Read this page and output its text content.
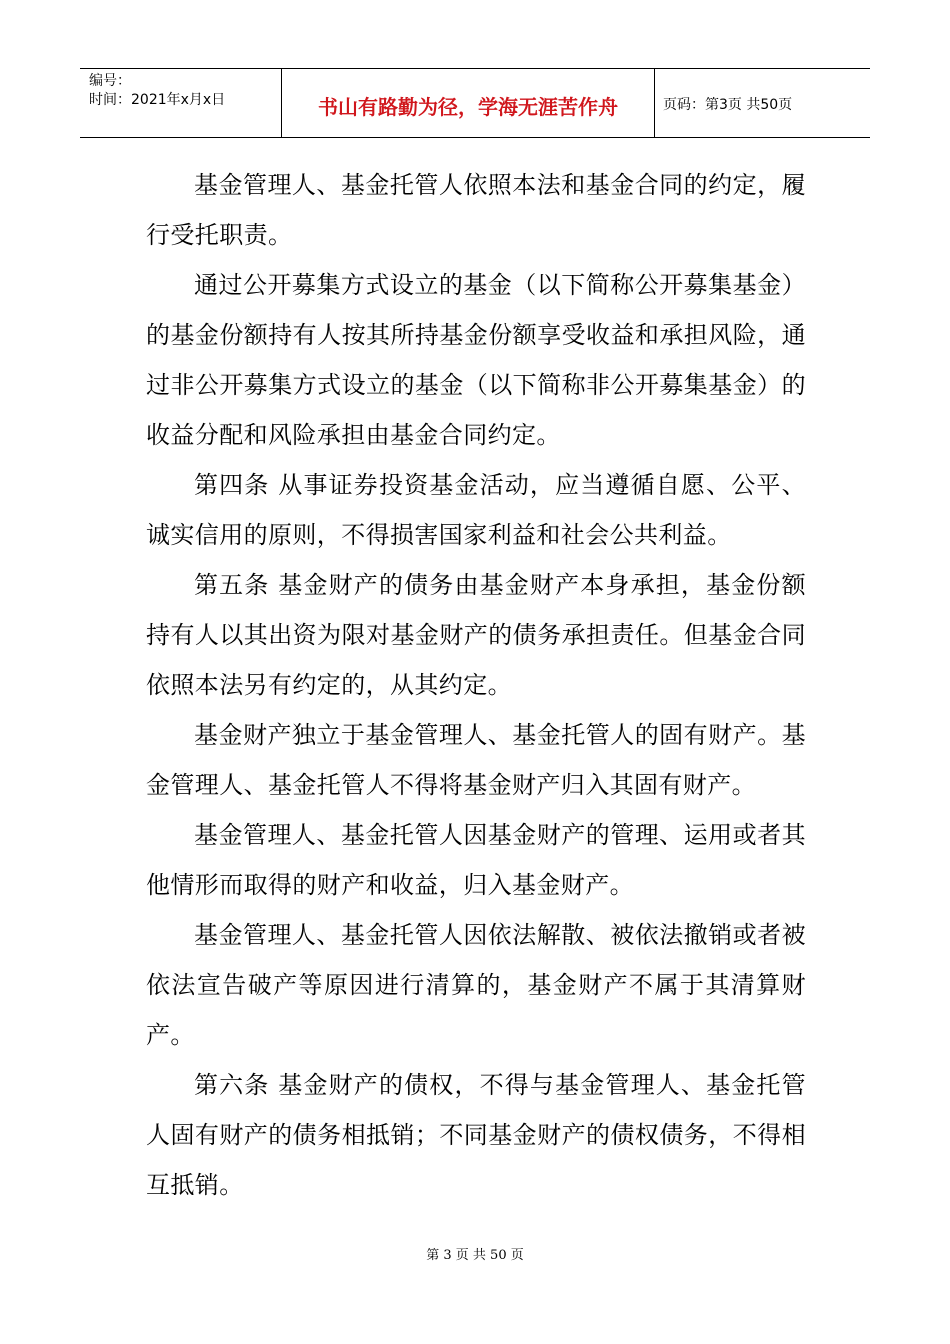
编号：
时间：2021年x月x日	书山有路勤为径，学海无涯苦作舟	页码：第3页 共50页

基金管理人、基金托管人依照本法和基金合同的约定，履行受托职责。

通过公开募集方式设立的基金（以下简称公开募集基金）的基金份额持有人按其所持基金份额享受收益和承担风险，通过非公开募集方式设立的基金（以下简称非公开募集基金）的收益分配和风险承担由基金合同约定。

第四条 从事证券投资基金活动，应当遵循自愿、公平、诚实信用的原则，不得损害国家利益和社会公共利益。

第五条 基金财产的债务由基金财产本身承担，基金份额持有人以其出资为限对基金财产的债务承担责任。但基金合同依照本法另有约定的，从其约定。

基金财产独立于基金管理人、基金托管人的固有财产。基金管理人、基金托管人不得将基金财产归入其固有财产。

基金管理人、基金托管人因基金财产的管理、运用或者其他情形而取得的财产和收益，归入基金财产。

基金管理人、基金托管人因依法解散、被依法撤销或者被依法宣告破产等原因进行清算的，基金财产不属于其清算财产。

第六条 基金财产的债权，不得与基金管理人、基金托管人固有财产的债务相抵销；不同基金财产的债权债务，不得相互抵销。

第 3 页 共 50 页
